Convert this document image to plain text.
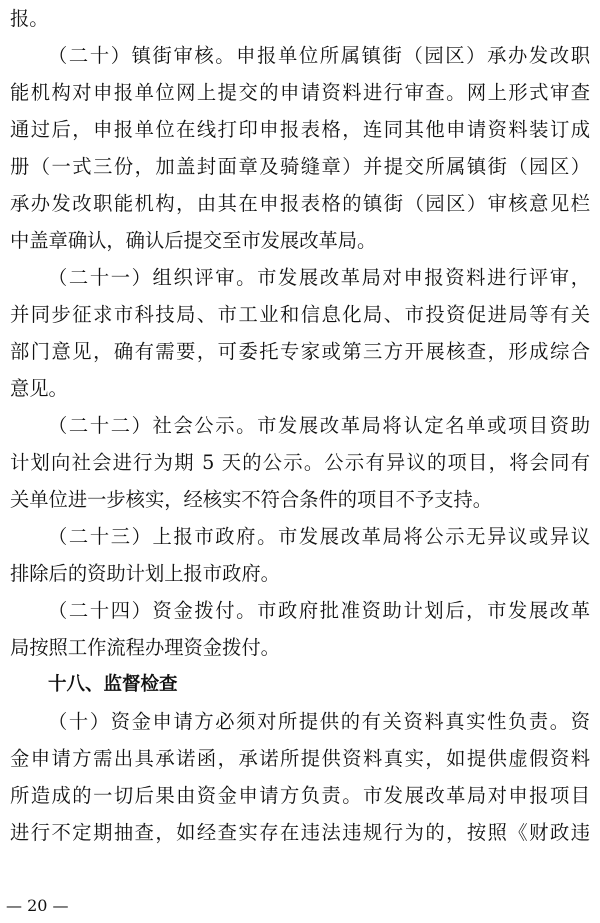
报。
（二十）镇街审核。申报单位所属镇街（园区）承办发改职
能机构对申报单位网上提交的申请资料进行审查。网上形式审查
通过后，申报单位在线打印申报表格，连同其他申请资料装订成
册（一式三份，加盖封面章及骑缝章）并提交所属镇街（园区）
承办发改职能机构，由其在申报表格的镇街（园区）审核意见栏
中盖章确认，确认后提交至市发展改革局。
（二十一）组织评审。市发展改革局对申报资料进行评审，
并同步征求市科技局、市工业和信息化局、市投资促进局等有关
部门意见，确有需要，可委托专家或第三方开展核查，形成综合
意见。
（二十二）社会公示。市发展改革局将认定名单或项目资助
计划向社会进行为期 5 天的公示。公示有异议的项目，将会同有
关单位进一步核实，经核实不符合条件的项目不予支持。
（二十三）上报市政府。市发展改革局将公示无异议或异议
排除后的资助计划上报市政府。
（二十四）资金拨付。市政府批准资助计划后，市发展改革
局按照工作流程办理资金拨付。
十八、监督检查
（十）资金申请方必须对所提供的有关资料真实性负责。资
金申请方需出具承诺函，承诺所提供资料真实，如提供虚假资料
所造成的一切后果由资金申请方负责。市发展改革局对申报项目
进行不定期抽查，如经查实存在违法违规行为的，按照《财政违
— 20 —
